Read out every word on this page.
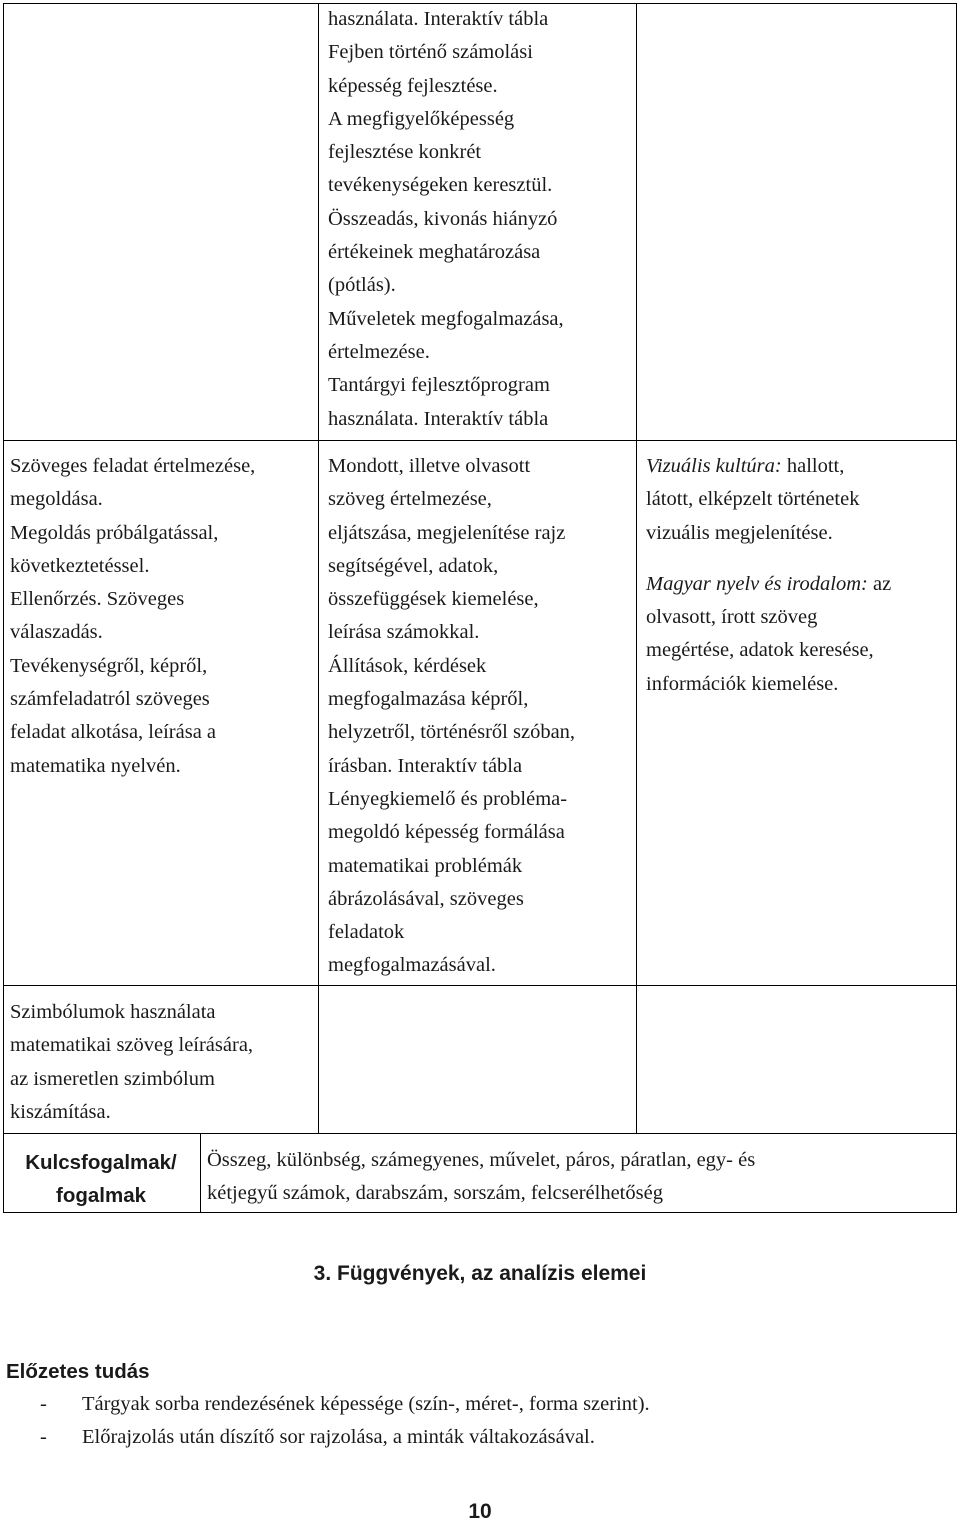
használata. Interaktív tábla
Fejben történő számolási
képesség fejlesztése.
A megfigyelőképesség
fejlesztése konkrét
tevékenységeken keresztül.
Összeadás, kivonás hiányzó
értékeinek meghatározása
(pótlás).
Műveletek megfogalmazása,
értelmezése.
Tantárgyi fejlesztőprogram
használata. Interaktív tábla
Szöveges feladat értelmezése,
megoldása.
Megoldás próbálgatással,
következtetéssel.
Ellenőrzés. Szöveges
válaszadás.
Tevékenységről, képről,
számfeladatról szöveges
feladat alkotása, leírása a
matematika nyelvén.
Mondott, illetve olvasott
szöveg értelmezése,
eljátszása, megjelenítése rajz
segítségével, adatok,
összefüggések kiemelése,
leírása számokkal.
Állítások, kérdések
megfogalmazása képről,
helyzetről, történésről szóban,
írásban. Interaktív tábla
Lényegkiemelő és probléma-
megoldó képesség formálása
matematikai problémák
ábrázolásával, szöveges
feladatok
megfogalmazásával.
Vizuális kultúra: hallott,
látott, elképzelt történetek
vizuális megjelenítése.
Magyar nyelv és irodalom: az
olvasott, írott szöveg
megértése, adatok keresése,
információk kiemelése.
Szimbólumok használata
matematikai szöveg leírására,
az ismeretlen szimbólum
kiszámítása.
Kulcsfogalmak/
fogalmak
Összeg, különbség, számegyenes, művelet, páros, páratlan, egy- és
kétjegyű számok, darabszám, sorszám, felcserélhetőség
3. Függvények, az analízis elemei
Előzetes tudás
- Tárgyak sorba rendezésének képessége (szín-, méret-, forma szerint).
- Előrajzolás után díszítő sor rajzolása, a minták váltakozásával.
10
